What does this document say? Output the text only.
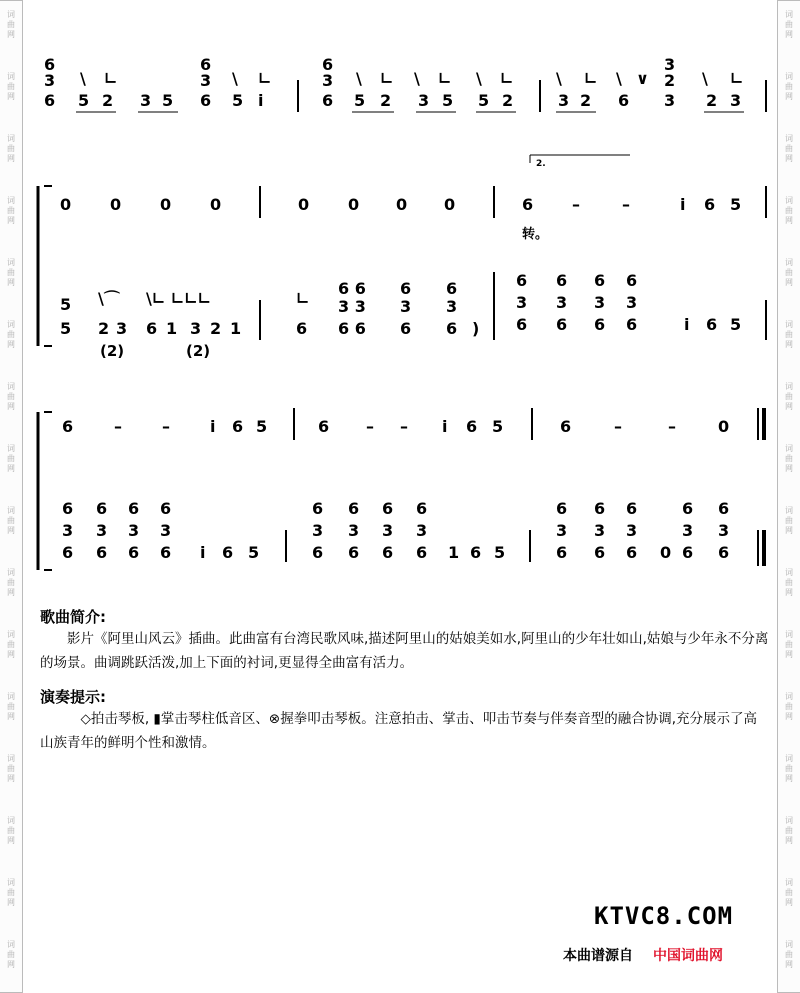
6
3
6
\ ∟
5 2 3 5
6
3
6
\ ∟
5 i
6
3
6
\ ∟ \ ∟ \ ∟
5 2 3 5 5 2
\ ∟ \ ∨
3 2 6
3
2
3
\ ∟
2 3
2.
0 0 0 0	0 0 0 0	6 –	–	i 6 5
转。
5
5
\⌒ \∟ ∟∟∟
2 3 6 1 3 2 1
(2)	(2)
∟
6
6 6
3 3
6 6
6
3
6
6
3
6 )
6
3
6
6
3
6
6
3
6
6
3
6	i 6 5
6	–	–	i 6 5	6 – – i 6 5	6	–	–	0
6
3
6
6
3
6
6
3
6
6
3
6 i 6 5
6
3
6
6
3
6
6
3
6
6
3
6 1 6 5
6
3
6
6
3
6
6
3
6 0
6
3
6
6
3
6
歌曲简介:
影片《阿里山风云》插曲。此曲富有台湾民歌风味,描述阿里山的姑娘美如水,阿里山的少年壮如山,姑娘与少年永不分离的场景。曲调跳跃活泼,加上下面的衬词,更显得全曲富有活力。
演奏提示:
◇拍击琴板, ▮掌击琴柱低音区、⊗握拳叩击琴板。注意拍击、掌击、叩击节奏与伴奏音型的融合协调,充分展示了高山族青年的鲜明个性和激情。
KTVC8.COM
本曲谱源自 中国词曲网
词
曲
网
词
曲
网
词
曲
网
词
曲
网
词
曲
网
词
曲
网
词
曲
网
词
曲
网
词
曲
网
词
曲
网
词
曲
网
词
曲
网
词
曲
网
词
曲
网
词
曲
网
词
曲
网
词
曲
网
词
曲
网
词
曲
网
词
曲
网
词
曲
网
词
曲
网
词
曲
网
词
曲
网
词
曲
网
词
曲
网
词
曲
网
词
曲
网
词
曲
网
词
曲
网
词
曲
网
词
曲
网
